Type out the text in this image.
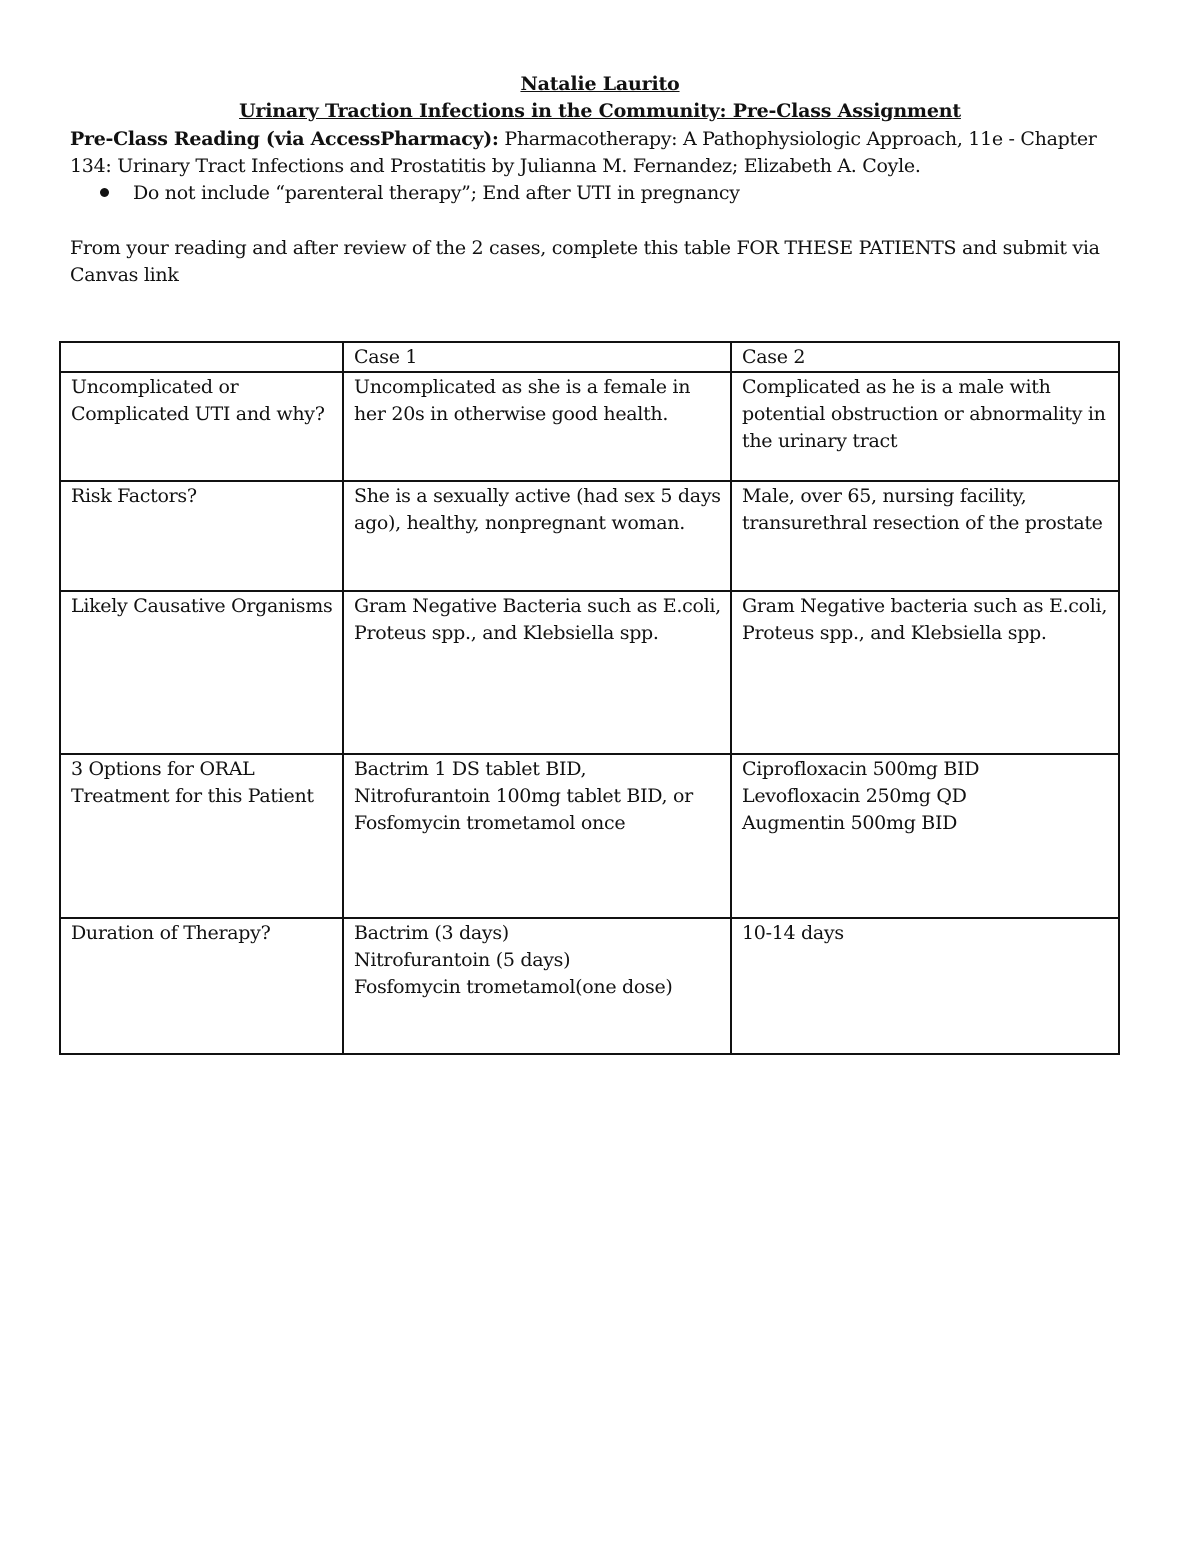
Natalie Laurito
Urinary Traction Infections in the Community: Pre-Class Assignment
Pre-Class Reading (via AccessPharmacy): Pharmacotherapy: A Pathophysiologic Approach, 11e - Chapter 134: Urinary Tract Infections and Prostatitis by Julianna M. Fernandez; Elizabeth A. Coyle.
Do not include “parenteral therapy”; End after UTI in pregnancy
From your reading and after review of the 2 cases, complete this table FOR THESE PATIENTS and submit via Canvas link
	Case 1	Case 2
Uncomplicated or Complicated UTI and why?	Uncomplicated as she is a female in her 20s in otherwise good health.	Complicated as he is a male with potential obstruction or abnormality in the urinary tract

Risk Factors?	She is a sexually active (had sex 5 days ago), healthy, nonpregnant woman.	Male, over 65, nursing facility, transurethral resection of the prostate

Likely Causative Organisms	Gram Negative Bacteria such as E.coli, Proteus spp., and Klebsiella spp.	Gram Negative bacteria such as E.coli, Proteus spp., and Klebsiella spp.

3 Options for ORAL Treatment for this Patient	Bactrim 1 DS tablet BID, Nitrofurantoin 100mg tablet BID, or Fosfomycin trometamol once	Ciprofloxacin 500mg BID
Levofloxacin 250mg QD
Augmentin 500mg BID

Duration of Therapy?	Bactrim (3 days)
Nitrofurantoin (5 days)
Fosfomycin trometamol(one dose)	10-14 days
